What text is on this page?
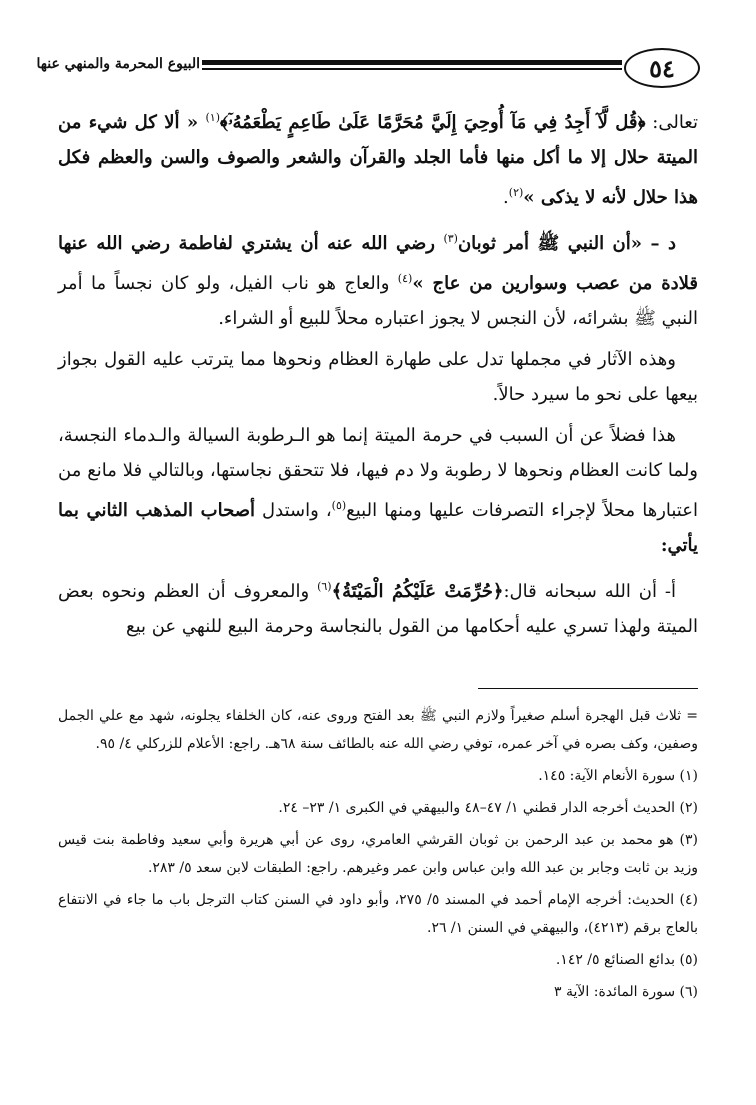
٥٤
البيوع المحرمة والمنهي عنها

تعالى: ﴿قُل لَّآ أَجِدُ فِي مَآ أُوحِيَ إِلَيَّ مُحَرَّمًا عَلَىٰ طَاعِمٍ يَطْعَمُهُۥٓ﴾$^{(١)}$ « ألا كل شيء من الميتة حلال إلا ما أكل منها فأما الجلد والقرآن والشعر والصوف والسن والعظم فكل هذا حلال لأنه لا يذكى »$^{(٢)}$.

د – «أن النبي ﷺ أمر ثوبان$^{(٣)}$ رضي الله عنه أن يشتري لفاطمة رضي الله عنها قلادة من عصب وسوارين من عاج »$^{(٤)}$ والعاج هو ناب الفيل، ولو كان نجساً ما أمر النبي ﷺ بشرائه، لأن النجس لا يجوز اعتباره محلاً للبيع أو الشراء.

وهذه الآثار في مجملها تدل على طهارة العظام ونحوها مما يترتب عليه القول بجواز بيعها على نحو ما سيرد حالاً.

هذا فضلاً عن أن السبب في حرمة الميتة إنما هو الـرطوبة السيالة والـدماء النجسة، ولما كانت العظام ونحوها لا رطوبة ولا دم فيها، فلا تتحقق نجاستها، وبالتالي فلا مانع من اعتبارها محلاً لإجراء التصرفات عليها ومنها البيع$^{(٥)}$، واستدل أصحاب المذهب الثاني بما يأتي:

أ- أن الله سبحانه قال:﴿حُرِّمَتْ عَلَيْكُمُ الْمَيْتَةُ﴾$^{(٦)}$ والمعروف أن العظم ونحوه بعض الميتة ولهذا تسري عليه أحكامها من القول بالنجاسة وحرمة البيع للنهي عن بيع

= ثلاث قبل الهجرة أسلم صغيراً ولازم النبي ﷺ بعد الفتح وروى عنه، كان الخلفاء يجلونه، شهد مع علي الجمل وصفين، وكف بصره في آخر عمره، توفي رضي الله عنه بالطائف سنة ٦٨هـ. راجع: الأعلام للزركلي ٤/ ٩٥.

(١) سورة الأنعام الآية: ١٤٥.

(٢) الحديث أخرجه الدار قطني ١/ ٤٧–٤٨ والبيهقي في الكبرى ١/ ٢٣– ٢٤.

(٣) هو محمد بن عبد الرحمن بن ثوبان القرشي العامري، روى عن أبي هريرة وأبي سعيد وفاطمة بنت قيس وزيد بن ثابت وجابر بن عبد الله وابن عباس وابن عمر وغيرهم. راجع: الطبقات لابن سعد ٥/ ٢٨٣.

(٤) الحديث: أخرجه الإمام أحمد في المسند ٥/ ٢٧٥، وأبو داود في السنن كتاب الترجل باب ما جاء في الانتفاع بالعاج برقم (٤٢١٣)، والبيهقي في السنن ١/ ٢٦.

(٥) بدائع الصنائع ٥/ ١٤٢.

(٦) سورة المائدة: الآية ٣
